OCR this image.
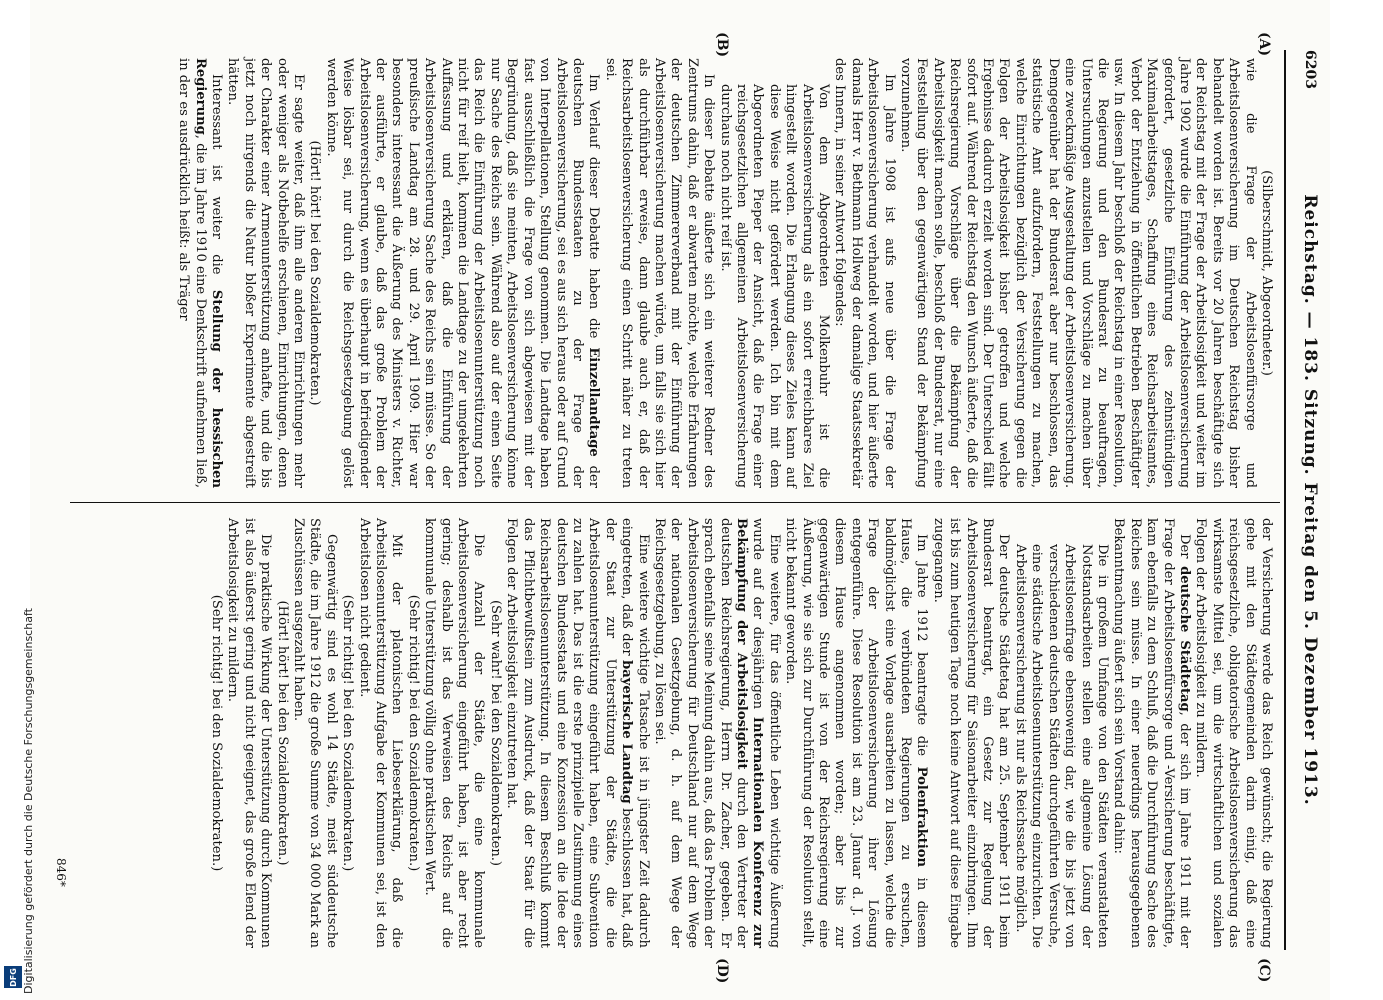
6203
Reichstag. — 183. Sitzung. Freitag den 5. Dezember 1913.
(A)
(B)
(C)
(D)

(Silberschmidt, Abgeordneter.)

wie die Frage der Arbeitslosenfürsorge und Arbeitslosenversicherung im Deutschen Reichstag bisher behandelt worden ist. Bereits vor 20 Jahren beschäftigte sich der Reichstag mit der Frage der Arbeitslosigkeit und weiter im Jahre 1902 wurde die Einführung der Arbeitslosenversicherung gefordert, gesetzliche Einführung des zehnstündigen Maximalarbeitstages, Schaffung eines Reichsarbeitsamtes, Verbot der Entziehung in öffentlichen Betrieben Beschäftigter usw. In diesem Jahr beschloß der Reichstag in einer Resolution, die Regierung und den Bundesrat zu beauftragen, Untersuchungen anzustellen und Vorschläge zu machen über eine zweckmäßige Ausgestaltung der Arbeitslosenversicherung. Demgegenüber hat der Bundesrat aber nur beschlossen, das statistische Amt aufzufordern, Feststellungen zu machen, welche Einrichtungen bezüglich der Versicherung gegen die Folgen der Arbeitslosigkeit bisher getroffen und welche Ergebnisse dadurch erzielt worden sind. Der Unterschied fällt sofort auf. Während der Reichstag den Wunsch äußerte, daß die Reichsregierung Vorschläge über die Bekämpfung der Arbeitslosigkeit machen solle, beschloß der Bundesrat, nur eine Feststellung über den gegenwärtigen Stand der Bekämpfung vorzunehmen.

Im Jahre 1908 ist aufs neue über die Frage der Arbeitslosenversicherung verhandelt worden, und hier äußerte damals Herr v. Bethmann Hollweg der damalige Staatssekretär des Innern, in seiner Antwort folgendes:

Von dem Abgeordneten Molkenbuhr ist die Arbeitslosenversicherung als ein sofort erreichbares Ziel hingestellt worden. Die Erlangung dieses Zieles kann auf diese Weise nicht gefördert werden. Ich bin mit dem Abgeordneten Pieper der Ansicht, daß die Frage einer reichsgesetzlichen allgemeinen Arbeitslosenversicherung durchaus noch nicht reif ist.

In dieser Debatte äußerte sich ein weiterer Redner des Zentrums dahin, daß er abwarten möchte, welche Erfahrungen der deutschen Zimmererverband mit der Einführung der Arbeitslosenversicherung machen würde, um falls sie sich hier als durchführbar erweise, dann glaube auch er, daß der Reichsarbeitslosenversicherung einen Schritt näher zu treten sei.

Im Verlauf dieser Debatte haben die Einzellandtage der deutschen Bundesstaaten zu der Frage der Arbeitslosenversicherung, sei es aus sich heraus oder auf Grund von Interpellationen, Stellung genommen. Die Landtage haben fast ausschließlich die Frage von sich abgewiesen mit der Begründung, daß sie meinten, Arbeitslosenversicherung könne nur Sache des Reichs sein. Während also auf der einen Seite das Reich die Einführung der Arbeitslosenunterstützung noch nicht für reif hielt, kommen die Landtage zu der umgekehrten Auffassung und erklären, daß die Einführung der Arbeitslosenversicherung Sache des Reichs sein müsse. So der preußische Landtag am 28. und 29. April 1909. Hier war besonders interessant die Äußerung des Ministers v. Richter, der ausführte, er glaube, daß das große Problem der Arbeitslosenversicherung, wenn es überhaupt in befriedigender Weise lösbar sei, nur durch die Reichsgesetzgebung gelöst werden könne.

(Hört! hört! bei den Sozialdemokraten.)

Er sagte weiter, daß ihm alle anderen Einrichtungen mehr oder weniger als Notbehelfe erschienen, Einrichtungen, denen der Charakter einer Armenunterstützung anhafte, und die bis jetzt noch nirgends die Natur bloßer Experimente abgestreift hätten.

Interessant ist weiter die Stellung der hessischen Regierung, die im Jahre 1910 eine Denkschrift aufnehmen ließ, in der es ausdrücklich heißt: als Träger

der Versicherung werde das Reich gewünscht; die Regierung gehe mit den Städtegemeinden darin einig, daß eine reichsgesetzliche, obligatorische Arbeitslosenversicherung das wirksamste Mittel sei, um die wirtschaftlichen und sozialen Folgen der Arbeitslosigkeit zu mildern.

Der deutsche Städtetag, der sich im Jahre 1911 mit der Frage der Arbeitslosenfürsorge und -Versicherung beschäftigte, kam ebenfalls zu dem Schluß, daß die Durchführung Sache des Reiches sein müsse. In einer neuerdings herausgegebenen Bekanntmachung äußert sich sein Vorstand dahin:

Die in großem Umfange von den Städten veranstalteten Notstandsarbeiten stellen eine allgemeine Lösung der Arbeitslosenfrage ebensowenig dar, wie die bis jetzt von verschiedenen deutschen Städten durchgeführten Versuche, eine städtische Arbeitslosenunterstützung einzurichten. Die Arbeitslosenversicherung ist nur als Reichssache möglich.

Der deutsche Städtetag hat am 25. September 1911 beim Bundesrat beantragt, ein Gesetz zur Regelung der Arbeitslosenversicherung für Saisonarbeiter einzubringen. Ihm ist bis zum heutigen Tage noch keine Antwort auf diese Eingabe zugegangen.

Im Jahre 1912 beantragte die Polenfraktion in diesem Hause, die verbündeten Regierungen zu ersuchen, baldmöglichst eine Vorlage ausarbeiten zu lassen, welche die Frage der Arbeitslosenversicherung ihrer Lösung entgegenführe. Diese Resolution ist am 23. Januar d. J. von diesem Hause angenommen worden; aber bis zur gegenwärtigen Stunde ist von der Reichsregierung eine Äußerung, wie sie sich zur Durchführung der Resolution stellt, nicht bekannt geworden.

Eine weitere, für das öffentliche Leben wichtige Äußerung wurde auf der diesjährigen Internationalen Konferenz zur Bekämpfung der Arbeitslosigkeit durch den Vertreter der deutschen Reichsregierung, Herrn Dr. Zacher, gegeben. Er sprach ebenfalls seine Meinung dahin aus, daß das Problem der Arbeitslosenversicherung für Deutschland nur auf dem Wege der nationalen Gesetzgebung, d. h. auf dem Wege der Reichsgesetzgebung, zu lösen sei.

Eine weitere wichtige Tatsache ist in jüngster Zeit dadurch eingetreten, daß der bayerische Landtag beschlossen hat, daß der Staat zur Unterstützung der Städte, die die Arbeitslosenunterstützung eingeführt haben, eine Subvention zu zahlen hat. Das ist die erste prinzipielle Zustimmung eines deutschen Bundesstaats und eine Konzession an die Idee der Reichsarbeitslosenunterstützung. In diesem Beschluß kommt das Pflichtbewußtsein zum Ausdruck, daß der Staat für die Folgen der Arbeitslosigkeit einzutreten hat.

(Sehr wahr! bei den Sozialdemokraten.)

Die Anzahl der Städte, die eine kommunale Arbeitslosenversicherung eingeführt haben, ist aber recht gering; deshalb ist das Verweisen des Reichs auf die kommunale Unterstützung völlig ohne praktischen Wert.

(Sehr richtig! bei den Sozialdemokraten.)

Mit der platonischen Liebeserklärung, daß die Arbeitslosenunterstützung Aufgabe der Kommunen sei, ist den Arbeitslosen nicht gedient.

(Sehr richtig! bei den Sozialdemokraten.)

Gegenwärtig sind es wohl 14 Städte, meist süddeutsche Städte, die im Jahre 1912 die große Summe von 34 000 Mark an Zuschüssen ausgezahlt haben.

(Hört! hört! bei den Sozialdemokraten.)

Die praktische Wirkung der Unterstützung durch Kommunen ist also äußerst gering und nicht geeignet, das große Elend der Arbeitslosigkeit zu mildern.

(Sehr richtig! bei den Sozialdemokraten.)

846*
Digitalisierung gefördert durch die Deutsche Forschungsgemeinschaft
DFG
